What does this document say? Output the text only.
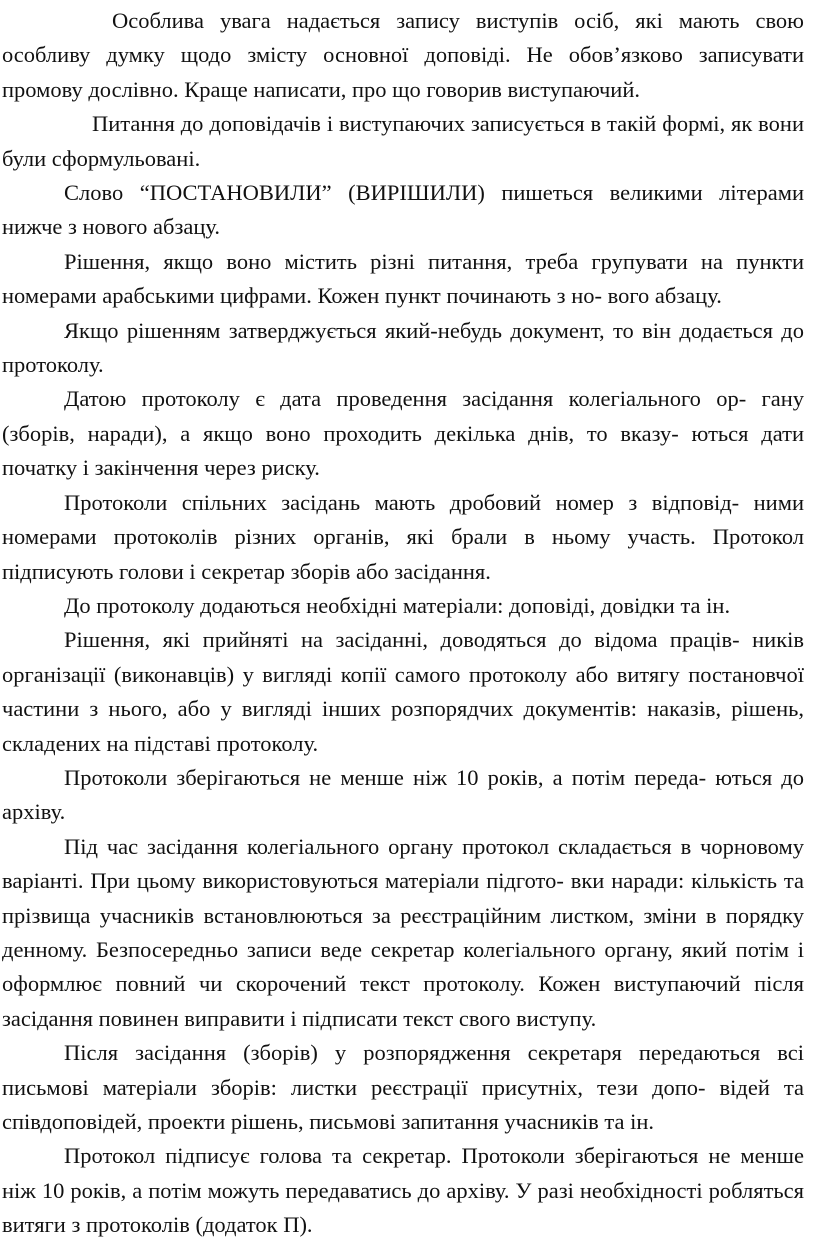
Особлива увага надається запису виступів осіб, які мають свою особливу думку щодо змісту основної доповіді. Не обов’язково записувати промову дослівно. Краще написати, про що говорив виступаючий.

Питання до доповідачів і виступаючих записується в такій формі, як вони були сформульовані.

Слово “ПОСТАНОВИЛИ” (ВИРІШИЛИ) пишеться великими літерами нижче з нового абзацу.

Рішення, якщо воно містить різні питання, треба групувати на пункти номерами арабськими цифрами. Кожен пункт починають з но- вого абзацу.

Якщо рішенням затверджується який-небудь документ, то він додається до протоколу.

Датою протоколу є дата проведення засідання колегіального ор- гану (зборів, наради), а якщо воно проходить декілька днів, то вказу- ються дати початку і закінчення через риску.

Протоколи спільних засідань мають дробовий номер з відповід- ними номерами протоколів різних органів, які брали в ньому участь. Протокол підписують голови і секретар зборів або засідання.

До протоколу додаються необхідні матеріали: доповіді, довідки та ін.

Рішення, які прийняті на засіданні, доводяться до відома праців- ників організації (виконавців) у вигляді копії самого протоколу або витягу постановчої частини з нього, або у вигляді інших розпорядчих документів: наказів, рішень, складених на підставі протоколу.

Протоколи зберігаються не менше ніж 10 років, а потім переда- ються до архіву.

Під час засідання колегіального органу протокол складається в чорновому варіанті. При цьому використовуються матеріали підгото- вки наради: кількість та прізвища учасників встановлюються за реєстраційним листком, зміни в порядку денному. Безпосередньо записи веде секретар колегіального органу, який потім і оформлює повний чи скорочений текст протоколу. Кожен виступаючий після засідання повинен виправити і підписати текст свого виступу.

Після засідання (зборів) у розпорядження секретаря передаються всі письмові матеріали зборів: листки реєстрації присутніх, тези допо- відей та співдоповідей, проекти рішень, письмові запитання учасників та ін.

Протокол підписує голова та секретар. Протоколи зберігаються не менше ніж 10 років, а потім можуть передаватись до архіву. У разі необхідності робляться витяги з протоколів (додаток П).
